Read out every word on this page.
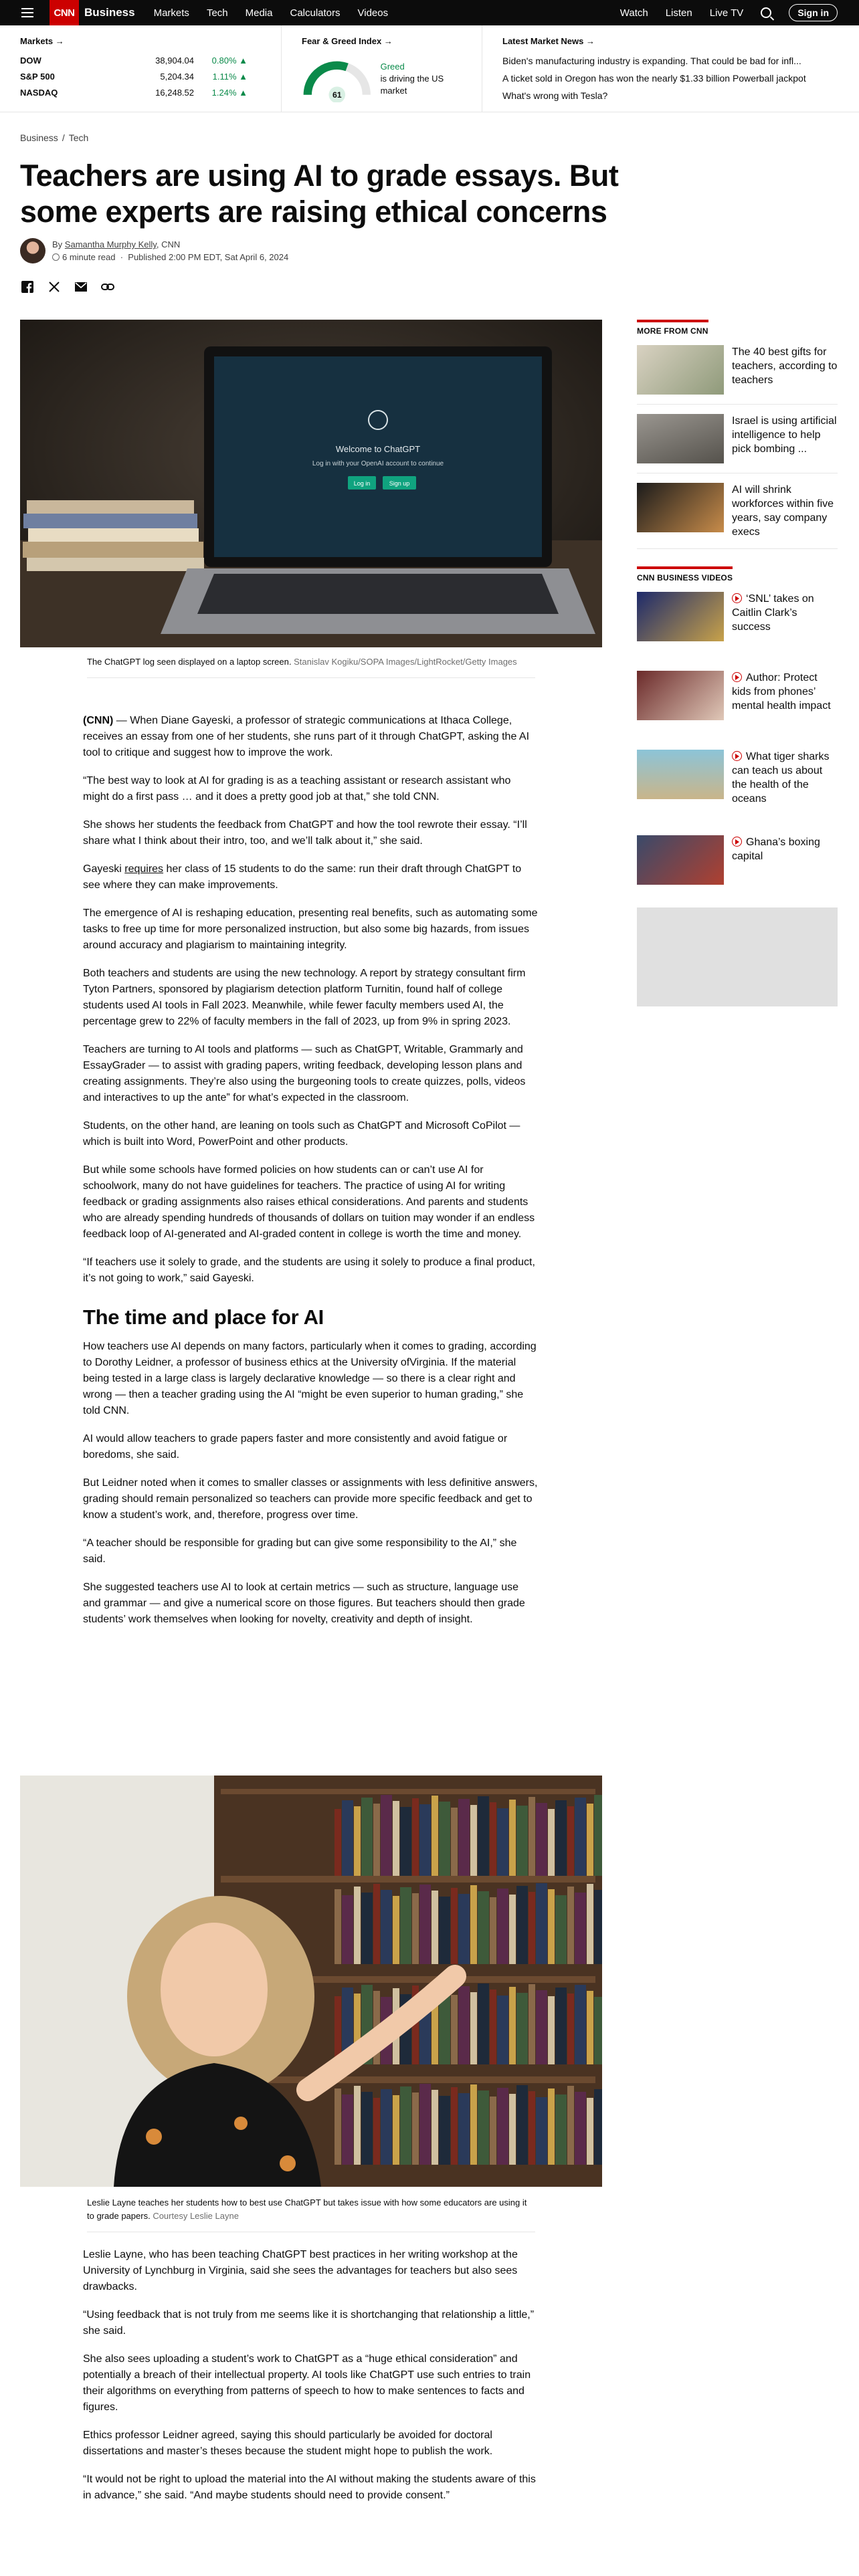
CNN Business Markets Tech Media Calculators Videos	Watch Listen Live TV	Sign in
Markets →
DOW	38,904.04	0.80% ▲
S&P 500	5,204.34	1.11% ▲
NASDAQ	16,248.52	1.24% ▲
Fear & Greed Index →
61
Greed
is driving the US market
Latest Market News →

Biden's manufacturing industry is expanding. That could be bad for infl...

A ticket sold in Oregon has won the nearly $1.33 billion Powerball jackpot

What's wrong with Tesla?

Business / Tech
Teachers are using AI to grade essays. But some experts are raising ethical concerns
By Samantha Murphy Kelly, CNN
6 minute read  ·  Published 2:00 PM EDT, Sat April 6, 2024
Welcome to ChatGPT
Log in with your OpenAI account to continue
Log in	Sign up
The ChatGPT log seen displayed on a laptop screen. Stanislav Kogiku/SOPA Images/LightRocket/Getty Images

(CNN) — When Diane Gayeski, a professor of strategic communications at Ithaca College, receives an essay from one of her students, she runs part of it through ChatGPT, asking the AI tool to critique and suggest how to improve the work.

“The best way to look at AI for grading is as a teaching assistant or research assistant who might do a first pass … and it does a pretty good job at that,” she told CNN.

She shows her students the feedback from ChatGPT and how the tool rewrote their essay. “I’ll share what I think about their intro, too, and we’ll talk about it,” she said.

Gayeski requires her class of 15 students to do the same: run their draft through ChatGPT to see where they can make improvements.

The emergence of AI is reshaping education, presenting real benefits, such as automating some tasks to free up time for more personalized instruction, but also some big hazards, from issues around accuracy and plagiarism to maintaining integrity.

Both teachers and students are using the new technology. A report by strategy consultant firm Tyton Partners, sponsored by plagiarism detection platform Turnitin, found half of college students used AI tools in Fall 2023. Meanwhile, while fewer faculty members used AI, the percentage grew to 22% of faculty members in the fall of 2023, up from 9% in spring 2023.

Teachers are turning to AI tools and platforms — such as ChatGPT, Writable, Grammarly and EssayGrader — to assist with grading papers, writing feedback, developing lesson plans and creating assignments. They’re also using the burgeoning tools to create quizzes, polls, videos and interactives to up the ante” for what’s expected in the classroom.

Students, on the other hand, are leaning on tools such as ChatGPT and Microsoft CoPilot — which is built into Word, PowerPoint and other products.

But while some schools have formed policies on how students can or can’t use AI for schoolwork, many do not have guidelines for teachers. The practice of using AI for writing feedback or grading assignments also raises ethical considerations. And parents and students who are already spending hundreds of thousands of dollars on tuition may wonder if an endless feedback loop of AI-generated and AI-graded content in college is worth the time and money.

“If teachers use it solely to grade, and the students are using it solely to produce a final product, it’s not going to work,” said Gayeski.

The time and place for AI

How teachers use AI depends on many factors, particularly when it comes to grading, according to Dorothy Leidner, a professor of business ethics at the University ofVirginia. If the material being tested in a large class is largely declarative knowledge — so there is a clear right and wrong — then a teacher grading using the AI “might be even superior to human grading,” she told CNN.

AI would allow teachers to grade papers faster and more consistently and avoid fatigue or boredoms, she said.

But Leidner noted when it comes to smaller classes or assignments with less definitive answers, grading should remain personalized so teachers can provide more specific feedback and get to know a student’s work, and, therefore, progress over time.

“A teacher should be responsible for grading but can give some responsibility to the AI,” she said.

She suggested teachers use AI to look at certain metrics — such as structure, language use and grammar — and give a numerical score on those figures. But teachers should then grade students’ work themselves when looking for novelty, creativity and depth of insight.

Leslie Layne teaches her students how to best use ChatGPT but takes issue with how some educators are using it to grade papers. Courtesy Leslie Layne

Leslie Layne, who has been teaching ChatGPT best practices in her writing workshop at the University of Lynchburg in Virginia, said she sees the advantages for teachers but also sees drawbacks.

“Using feedback that is not truly from me seems like it is shortchanging that relationship a little,” she said.

She also sees uploading a student’s work to ChatGPT as a “huge ethical consideration” and potentially a breach of their intellectual property. AI tools like ChatGPT use such entries to train their algorithms on everything from patterns of speech to how to make sentences to facts and figures.

Ethics professor Leidner agreed, saying this should particularly be avoided for doctoral dissertations and master’s theses because the student might hope to publish the work.

“It would not be right to upload the material into the AI without making the students aware of this in advance,” she said. “And maybe students should need to provide consent.”

MORE FROM CNN

The 40 best gifts for teachers, according to teachers

Israel is using artificial intelligence to help pick bombing ...

AI will shrink workforces within five years, say company execs

CNN BUSINESS VIDEOS

‘SNL’ takes on Caitlin Clark’s success

Author: Protect kids from phones’ mental health impact

What tiger sharks can teach us about the health of the oceans

Ghana’s boxing capital
